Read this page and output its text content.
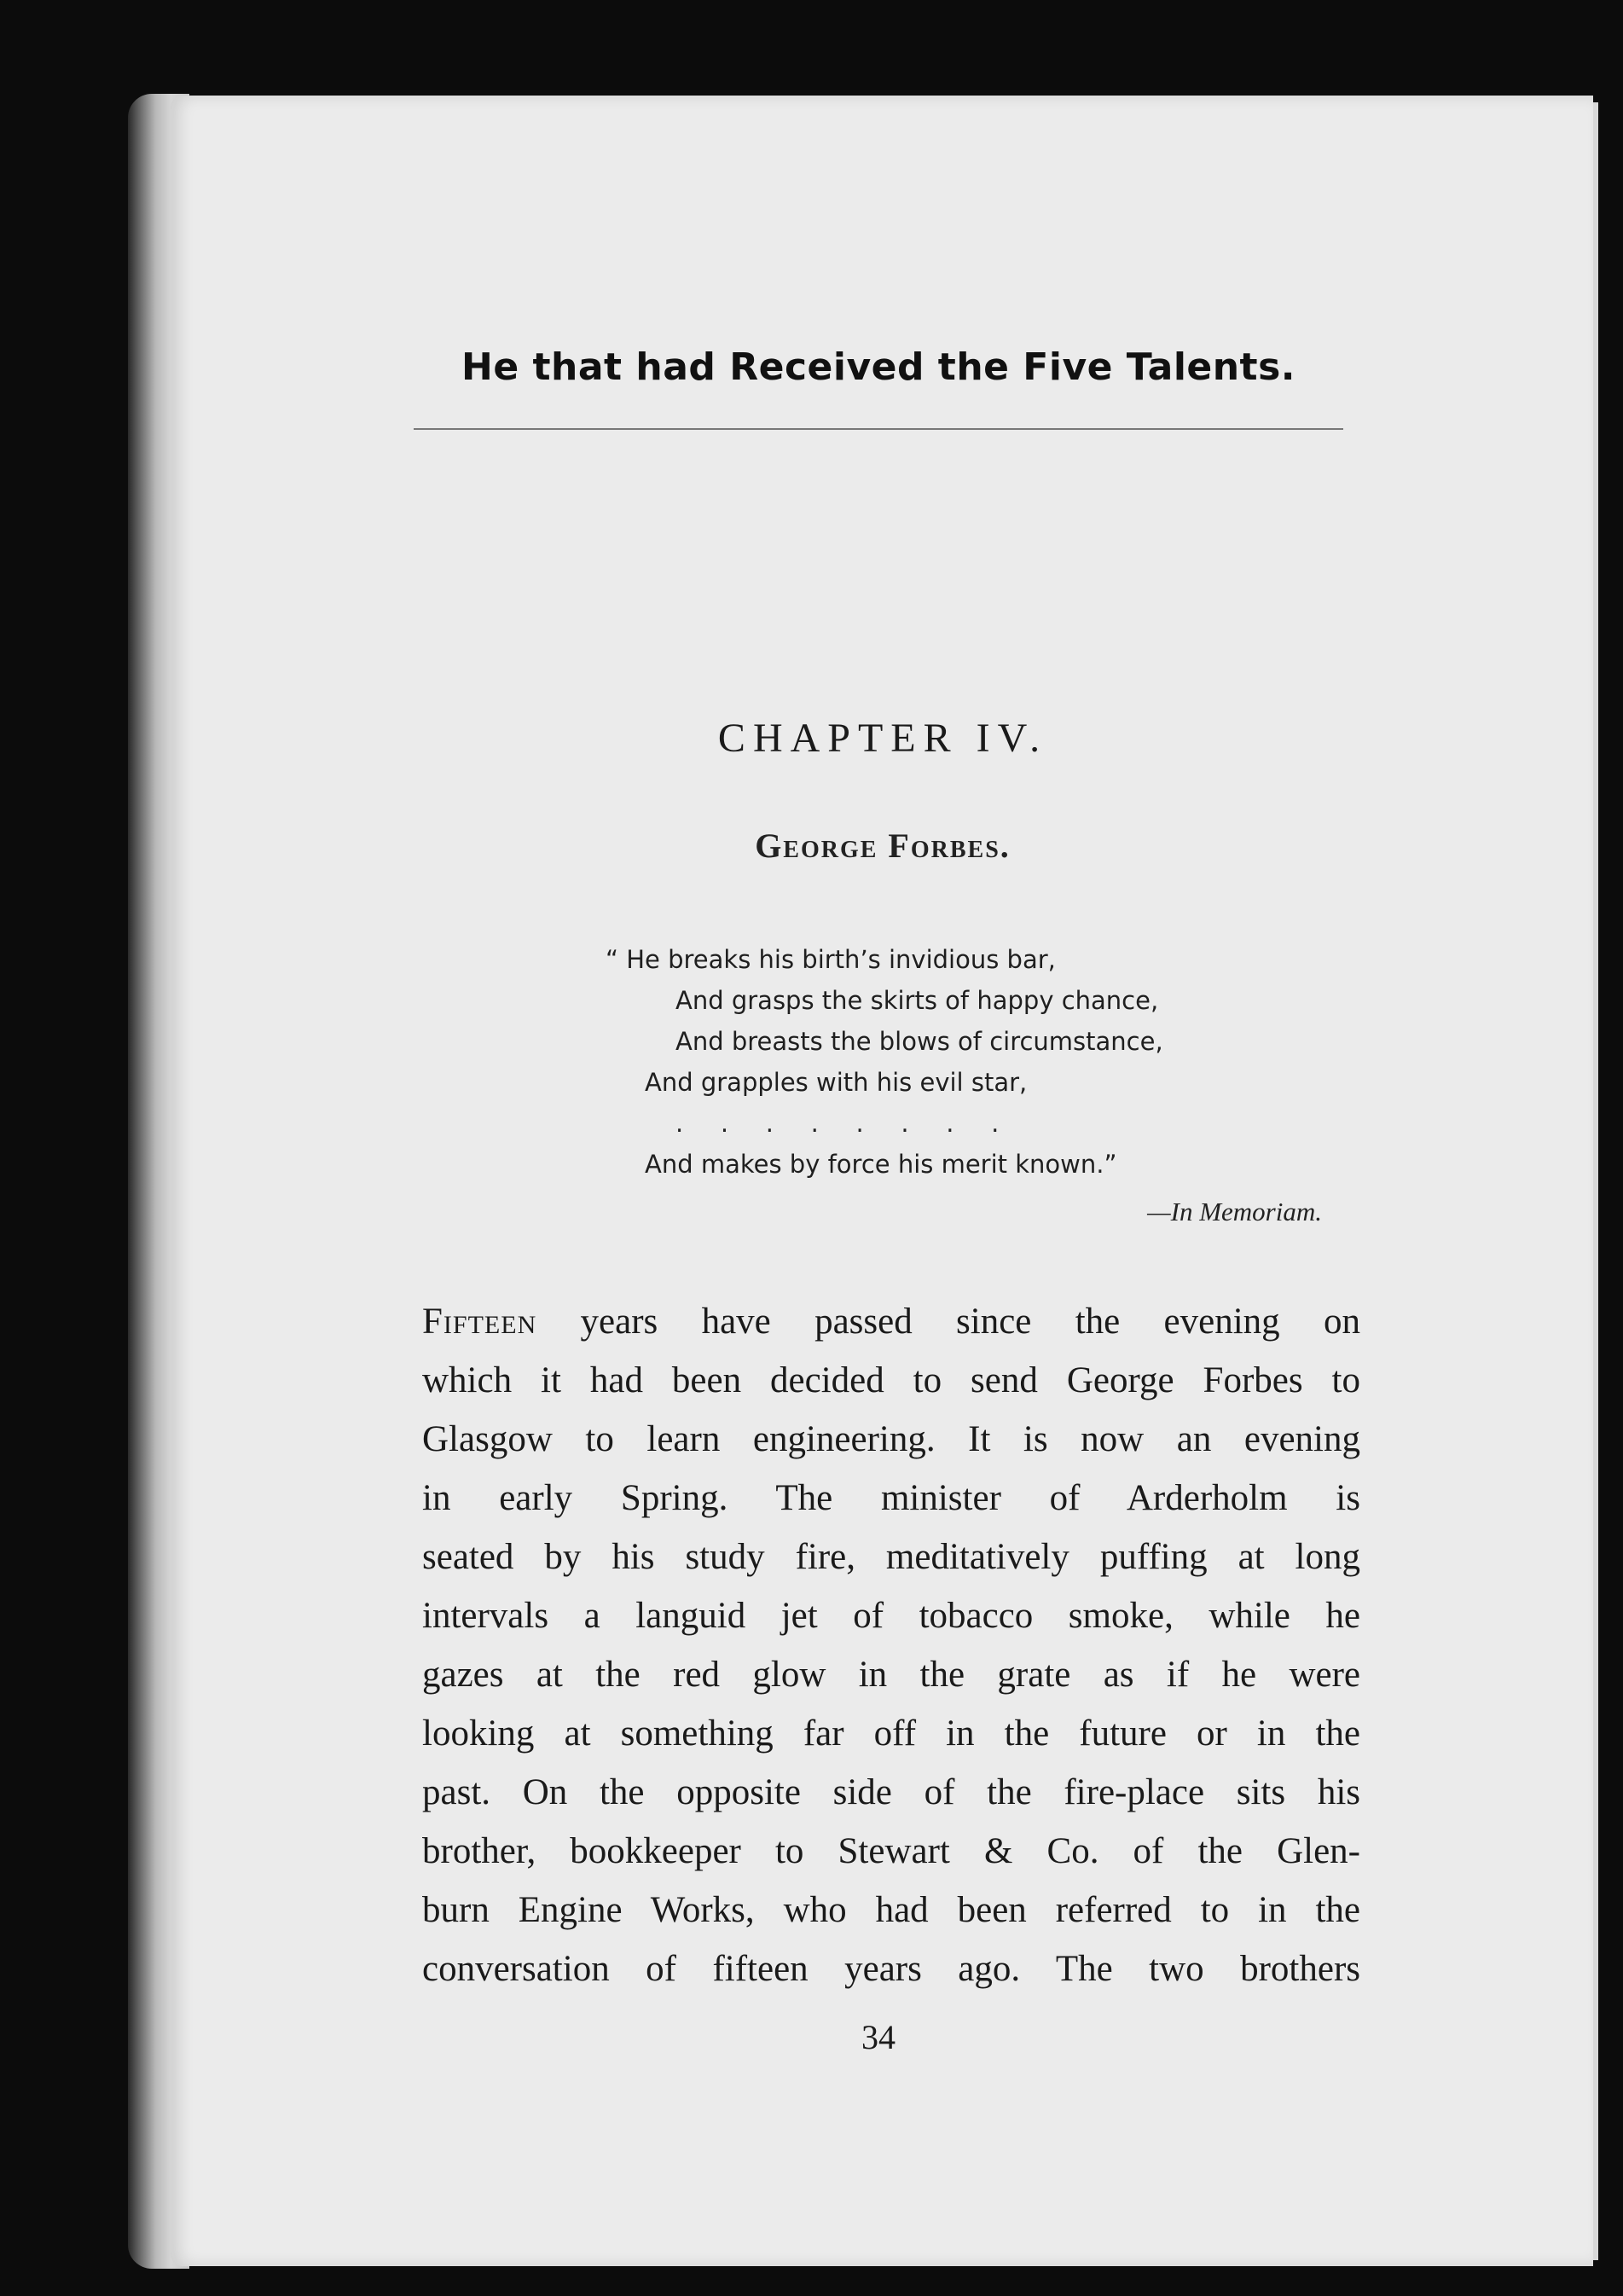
He that had Received the Five Talents.
CHAPTER IV.
George Forbes.
“ He breaks his birth’s invidious bar,
And grasps the skirts of happy chance,
And breasts the blows of circumstance,
And grapples with his evil star,
.   .   .   .   .   .   .   .
And makes by force his merit known.”
—In Memoriam.
Fifteen years have passed since the evening on
which it had been decided to send George Forbes to
Glasgow to learn engineering. It is now an evening
in early Spring. The minister of Arderholm is
seated by his study fire, meditatively puffing at long
intervals a languid jet of tobacco smoke, while he
gazes at the red glow in the grate as if he were
looking at something far off in the future or in the
past. On the opposite side of the fire-place sits his
brother, bookkeeper to Stewart & Co. of the Glen-
burn Engine Works, who had been referred to in the
conversation of fifteen years ago. The two brothers
34
